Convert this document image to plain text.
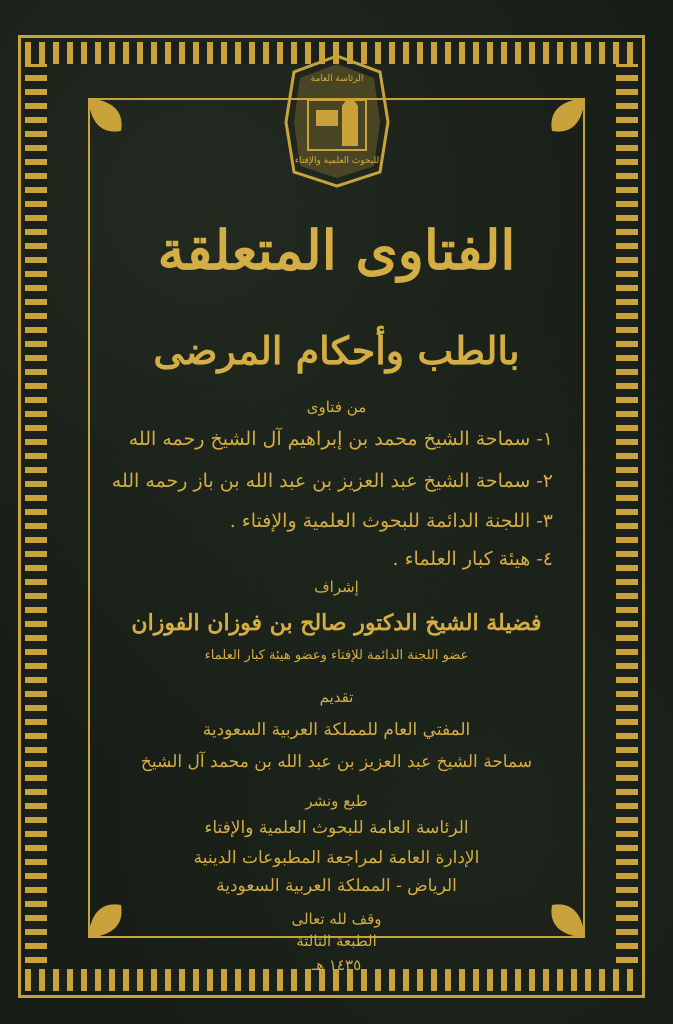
الرئاسة العامة
للبحوث العلمية والإفتاء
الفتاوى المتعلقة
بالطب وأحكام المرضى
من فتاوى
١- سماحة الشيخ محمد بن إبراهيم آل الشيخ رحمه الله
٢- سماحة الشيخ عبد العزيز بن عبد الله بن باز رحمه الله
٣- اللجنة الدائمة للبحوث العلمية والإفتاء .
٤- هيئة كبار العلماء .
إشراف
فضيلة الشيخ الدكتور صالح بن فوزان الفوزان
عضو اللجنة الدائمة للإفتاء وعضو هيئة كبار العلماء
تقديم
المفتي العام للمملكة العربية السعودية
سماحة الشيخ عبد العزيز بن عبد الله بن محمد آل الشيخ
طبع ونشر
الرئاسة العامة للبحوث العلمية والإفتاء
الإدارة العامة لمراجعة المطبوعات الدينية
الرياض - المملكة العربية السعودية
وقف لله تعالى
الطبعة الثالثة
١٤٣٥ هـ
